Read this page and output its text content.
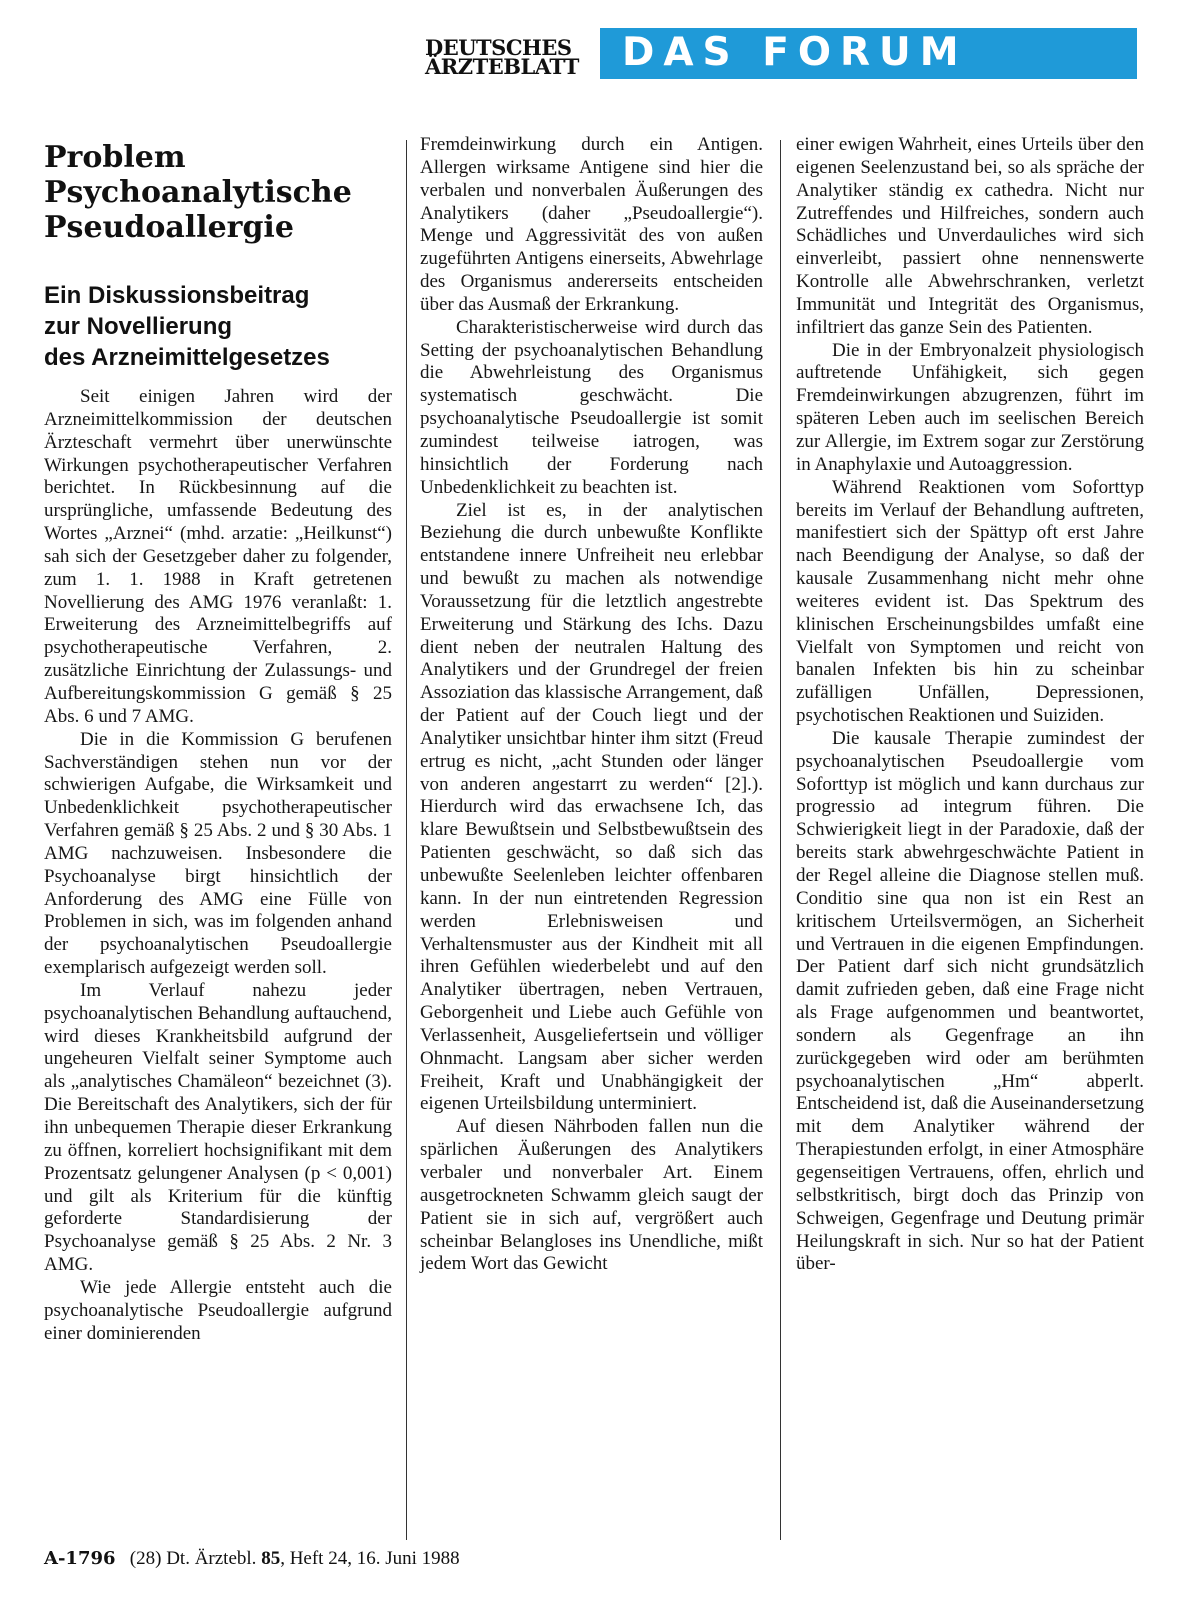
DEUTSCHES
ÄRZTEBLATT DAS FORUM
Problem
Psychoanalytische
Pseudoallergie
Ein Diskussionsbeitrag
zur Novellierung
des Arzneimittelgesetzes

Seit einigen Jahren wird der Arzneimittelkommission der deutschen Ärzteschaft vermehrt über unerwünschte Wirkungen psychotherapeutischer Verfahren berichtet. In Rückbesinnung auf die ursprüngliche, umfassende Bedeutung des Wortes „Arznei“ (mhd. arzatie: „Heilkunst“) sah sich der Gesetzgeber daher zu folgender, zum 1. 1. 1988 in Kraft getretenen Novellierung des AMG 1976 veranlaßt: 1. Erweiterung des Arzneimittelbegriffs auf psychotherapeutische Verfahren, 2. zusätzliche Einrichtung der Zulassungs- und Aufbereitungskommission G gemäß § 25 Abs. 6 und 7 AMG.

Die in die Kommission G berufenen Sachverständigen stehen nun vor der schwierigen Aufgabe, die Wirksamkeit und Unbedenklichkeit psychotherapeutischer Verfahren gemäß § 25 Abs. 2 und § 30 Abs. 1 AMG nachzuweisen. Insbesondere die Psychoanalyse birgt hinsichtlich der Anforderung des AMG eine Fülle von Problemen in sich, was im folgenden anhand der psychoanalytischen Pseudoallergie exemplarisch aufgezeigt werden soll.

Im Verlauf nahezu jeder psychoanalytischen Behandlung auftauchend, wird dieses Krankheitsbild aufgrund der ungeheuren Vielfalt seiner Symptome auch als „analytisches Chamäleon“ bezeichnet (3). Die Bereitschaft des Analytikers, sich der für ihn unbequemen Therapie dieser Erkrankung zu öffnen, korreliert hochsignifikant mit dem Prozentsatz gelungener Analysen (p < 0,001) und gilt als Kriterium für die künftig geforderte Standardisierung der Psychoanalyse gemäß § 25 Abs. 2 Nr. 3 AMG.

Wie jede Allergie entsteht auch die psychoanalytische Pseudoallergie aufgrund einer dominierenden

Fremdeinwirkung durch ein Antigen. Allergen wirksame Antigene sind hier die verbalen und nonverbalen Äußerungen des Analytikers (daher „Pseudoallergie“). Menge und Aggressivität des von außen zugeführten Antigens einerseits, Abwehrlage des Organismus andererseits entscheiden über das Ausmaß der Erkrankung.

Charakteristischerweise wird durch das Setting der psychoanalytischen Behandlung die Abwehrleistung des Organismus systematisch geschwächt. Die psychoanalytische Pseudoallergie ist somit zumindest teilweise iatrogen, was hinsichtlich der Forderung nach Unbedenklichkeit zu beachten ist.

Ziel ist es, in der analytischen Beziehung die durch unbewußte Konflikte entstandene innere Unfreiheit neu erlebbar und bewußt zu machen als notwendige Voraussetzung für die letztlich angestrebte Erweiterung und Stärkung des Ichs. Dazu dient neben der neutralen Haltung des Analytikers und der Grundregel der freien Assoziation das klassische Arrangement, daß der Patient auf der Couch liegt und der Analytiker unsichtbar hinter ihm sitzt (Freud ertrug es nicht, „acht Stunden oder länger von anderen angestarrt zu werden“ [2].). Hierdurch wird das erwachsene Ich, das klare Bewußtsein und Selbstbewußtsein des Patienten geschwächt, so daß sich das unbewußte Seelenleben leichter offenbaren kann. In der nun eintretenden Regression werden Erlebnisweisen und Verhaltensmuster aus der Kindheit mit all ihren Gefühlen wiederbelebt und auf den Analytiker übertragen, neben Vertrauen, Geborgenheit und Liebe auch Gefühle von Verlassenheit, Ausgeliefertsein und völliger Ohnmacht. Langsam aber sicher werden Freiheit, Kraft und Unabhängigkeit der eigenen Urteilsbildung unterminiert.

Auf diesen Nährboden fallen nun die spärlichen Äußerungen des Analytikers verbaler und nonverbaler Art. Einem ausgetrockneten Schwamm gleich saugt der Patient sie in sich auf, vergrößert auch scheinbar Belangloses ins Unendliche, mißt jedem Wort das Gewicht

einer ewigen Wahrheit, eines Urteils über den eigenen Seelenzustand bei, so als spräche der Analytiker ständig ex cathedra. Nicht nur Zutreffendes und Hilfreiches, sondern auch Schädliches und Unverdauliches wird sich einverleibt, passiert ohne nennenswerte Kontrolle alle Abwehrschranken, verletzt Immunität und Integrität des Organismus, infiltriert das ganze Sein des Patienten.

Die in der Embryonalzeit physiologisch auftretende Unfähigkeit, sich gegen Fremdeinwirkungen abzugrenzen, führt im späteren Leben auch im seelischen Bereich zur Allergie, im Extrem sogar zur Zerstörung in Anaphylaxie und Autoaggression.

Während Reaktionen vom Soforttyp bereits im Verlauf der Behandlung auftreten, manifestiert sich der Spättyp oft erst Jahre nach Beendigung der Analyse, so daß der kausale Zusammenhang nicht mehr ohne weiteres evident ist. Das Spektrum des klinischen Erscheinungsbildes umfaßt eine Vielfalt von Symptomen und reicht von banalen Infekten bis hin zu scheinbar zufälligen Unfällen, Depressionen, psychotischen Reaktionen und Suiziden.

Die kausale Therapie zumindest der psychoanalytischen Pseudoallergie vom Soforttyp ist möglich und kann durchaus zur progressio ad integrum führen. Die Schwierigkeit liegt in der Paradoxie, daß der bereits stark abwehrgeschwächte Patient in der Regel alleine die Diagnose stellen muß. Conditio sine qua non ist ein Rest an kritischem Urteilsvermögen, an Sicherheit und Vertrauen in die eigenen Empfindungen. Der Patient darf sich nicht grundsätzlich damit zufrieden geben, daß eine Frage nicht als Frage aufgenommen und beantwortet, sondern als Gegenfrage an ihn zurückgegeben wird oder am berühmten psychoanalytischen „Hm“ abperlt. Entscheidend ist, daß die Auseinandersetzung mit dem Analytiker während der Therapiestunden erfolgt, in einer Atmosphäre gegenseitigen Vertrauens, offen, ehrlich und selbstkritisch, birgt doch das Prinzip von Schweigen, Gegenfrage und Deutung primär Heilungskraft in sich. Nur so hat der Patient über-

A-1796 (28) Dt. Ärztebl. 85, Heft 24, 16. Juni 1988
